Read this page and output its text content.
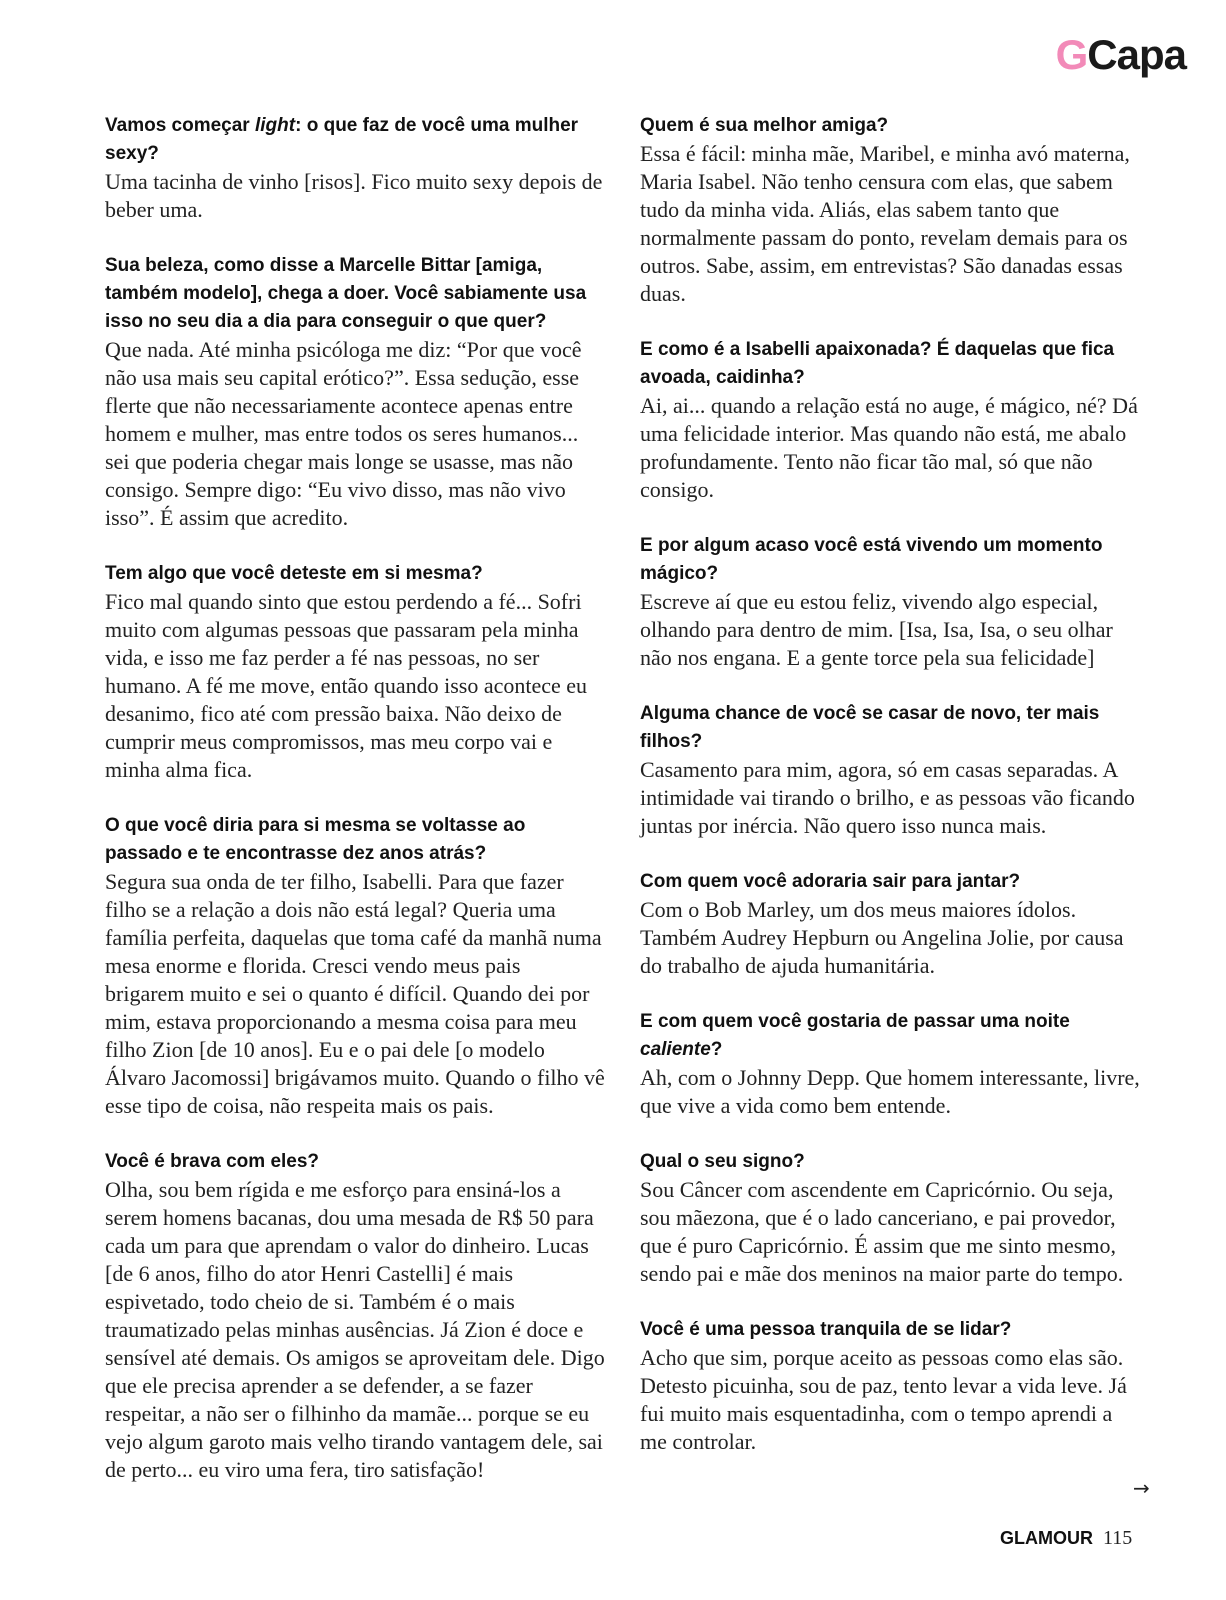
GCapa
Vamos começar light: o que faz de você uma mulher sexy?
Uma tacinha de vinho [risos]. Fico muito sexy depois de beber uma.
Sua beleza, como disse a Marcelle Bittar [amiga, também modelo], chega a doer. Você sabiamente usa isso no seu dia a dia para conseguir o que quer?
Que nada. Até minha psicóloga me diz: “Por que você não usa mais seu capital erótico?”. Essa sedução, esse flerte que não necessariamente acontece apenas entre homem e mulher, mas entre todos os seres humanos... sei que poderia chegar mais longe se usasse, mas não consigo. Sempre digo: “Eu vivo disso, mas não vivo isso”. É assim que acredito.
Tem algo que você deteste em si mesma?
Fico mal quando sinto que estou perdendo a fé... Sofri muito com algumas pessoas que passaram pela minha vida, e isso me faz perder a fé nas pessoas, no ser humano. A fé me move, então quando isso acontece eu desanimo, fico até com pressão baixa. Não deixo de cumprir meus compromissos, mas meu corpo vai e minha alma fica.
O que você diria para si mesma se voltasse ao passado e te encontrasse dez anos atrás?
Segura sua onda de ter filho, Isabelli. Para que fazer filho se a relação a dois não está legal? Queria uma família perfeita, daquelas que toma café da manhã numa mesa enorme e florida. Cresci vendo meus pais brigarem muito e sei o quanto é difícil. Quando dei por mim, estava proporcionando a mesma coisa para meu filho Zion [de 10 anos]. Eu e o pai dele [o modelo Álvaro Jacomossi] brigávamos muito. Quando o filho vê esse tipo de coisa, não respeita mais os pais.
Você é brava com eles?
Olha, sou bem rígida e me esforço para ensiná-los a serem homens bacanas, dou uma mesada de R$ 50 para cada um para que aprendam o valor do dinheiro. Lucas [de 6 anos, filho do ator Henri Castelli] é mais espivetado, todo cheio de si. Também é o mais traumatizado pelas minhas ausências. Já Zion é doce e sensível até demais. Os amigos se aproveitam dele. Digo que ele precisa aprender a se defender, a se fazer respeitar, a não ser o filhinho da mamãe... porque se eu vejo algum garoto mais velho tirando vantagem dele, sai de perto... eu viro uma fera, tiro satisfação!
Quem é sua melhor amiga?
Essa é fácil: minha mãe, Maribel, e minha avó materna, Maria Isabel. Não tenho censura com elas, que sabem tudo da minha vida. Aliás, elas sabem tanto que normalmente passam do ponto, revelam demais para os outros. Sabe, assim, em entrevistas? São danadas essas duas.
E como é a Isabelli apaixonada? É daquelas que fica avoada, caidinha?
Ai, ai... quando a relação está no auge, é mágico, né? Dá uma felicidade interior. Mas quando não está, me abalo profundamente. Tento não ficar tão mal, só que não consigo.
E por algum acaso você está vivendo um momento mágico?
Escreve aí que eu estou feliz, vivendo algo especial, olhando para dentro de mim. [Isa, Isa, Isa, o seu olhar não nos engana. E a gente torce pela sua felicidade]
Alguma chance de você se casar de novo, ter mais filhos?
Casamento para mim, agora, só em casas separadas. A intimidade vai tirando o brilho, e as pessoas vão ficando juntas por inércia. Não quero isso nunca mais.
Com quem você adoraria sair para jantar?
Com o Bob Marley, um dos meus maiores ídolos. Também Audrey Hepburn ou Angelina Jolie, por causa do trabalho de ajuda humanitária.
E com quem você gostaria de passar uma noite caliente?
Ah, com o Johnny Depp. Que homem interessante, livre, que vive a vida como bem entende.
Qual o seu signo?
Sou Câncer com ascendente em Capricórnio. Ou seja, sou mãezona, que é o lado canceriano, e pai provedor, que é puro Capricórnio. É assim que me sinto mesmo, sendo pai e mãe dos meninos na maior parte do tempo.
Você é uma pessoa tranquila de se lidar?
Acho que sim, porque aceito as pessoas como elas são. Detesto picuinha, sou de paz, tento levar a vida leve. Já fui muito mais esquentadinha, com o tempo aprendi a me controlar.
→
GLAMOUR 115
